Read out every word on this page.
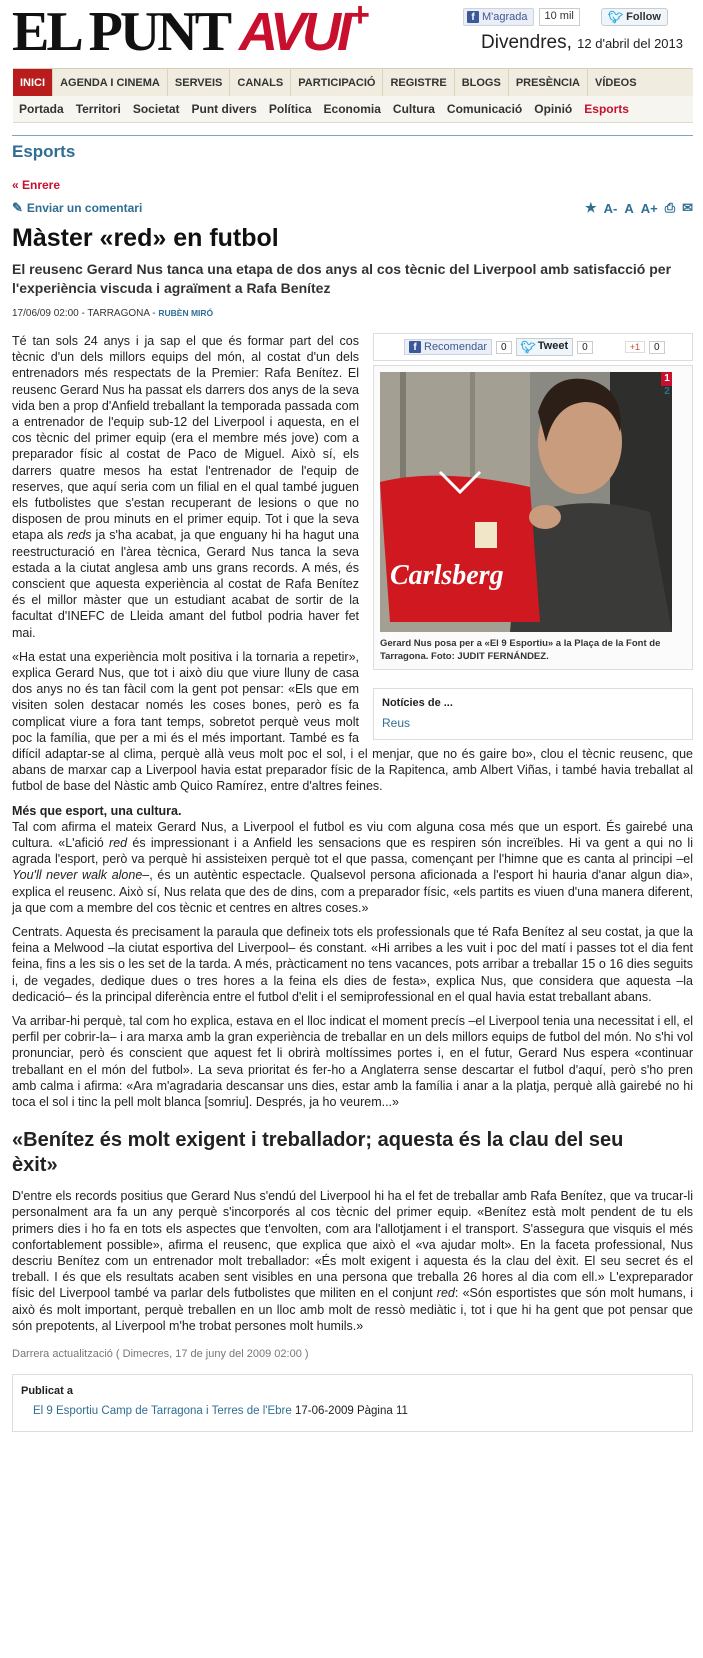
EL PUNT AVUI+	f M'agrada	10 mil	🐦︎ Follow
Divendres, 12 d'abril del 2013
INICI	AGENDA I CINEMA	SERVEIS	CANALS	PARTICIPACIÓ	REGISTRE	BLOGS	PRESÈNCIA	VÍDEOS
Portada	Territori	Societat	Punt divers	Política	Economia	Cultura	Comunicació	Opinió	Esports
Esports
« Enrere
✎ Enviar un comentari	★ A- A A+ ⎙ ✉
Màster «red» en futbol
El reusenc Gerard Nus tanca una etapa de dos anys al cos tècnic del Liverpool amb satisfacció per l'experiència viscuda i agraïment a Rafa Benítez
17/06/09 02:00 - TARRAGONA - RUBÈN MIRÓ
f Recomendar	0	🐦︎ Tweet	0	+1	0
Carlsberg
1
2
Gerard Nus posa per a «El 9 Esportiu» a la Plaça de la Font de Tarragona. Foto: JUDIT FERNÁNDEZ.
Notícies de ...
Reus

Té tan sols 24 anys i ja sap el que és formar part del cos tècnic d'un dels millors equips del món, al costat d'un dels entrenadors més respectats de la Premier: Rafa Benítez. El reusenc Gerard Nus ha passat els darrers dos anys de la seva vida ben a prop d'Anfield treballant la temporada passada com a entrenador de l'equip sub-12 del Liverpool i aquesta, en el cos tècnic del primer equip (era el membre més jove) com a preparador físic al costat de Paco de Miguel. Això sí, els darrers quatre mesos ha estat l'entrenador de l'equip de reserves, que aquí seria com un filial en el qual també juguen els futbolistes que s'estan recuperant de lesions o que no disposen de prou minuts en el primer equip. Tot i que la seva etapa als reds ja s'ha acabat, ja que enguany hi ha hagut una reestructuració en l'àrea tècnica, Gerard Nus tanca la seva estada a la ciutat anglesa amb uns grans records. A més, és conscient que aquesta experiència al costat de Rafa Benítez és el millor màster que un estudiant acabat de sortir de la facultat d'INEFC de Lleida amant del futbol podria haver fet mai.

«Ha estat una experiència molt positiva i la tornaria a repetir», explica Gerard Nus, que tot i això diu que viure lluny de casa dos anys no és tan fàcil com la gent pot pensar: «Els que em visiten solen destacar només les coses bones, però es fa complicat viure a fora tant temps, sobretot perquè veus molt poc la família, que per a mi és el més important. També es fa difícil adaptar-se al clima, perquè allà veus molt poc el sol, i el menjar, que no és gaire bo», clou el tècnic reusenc, que abans de marxar cap a Liverpool havia estat preparador físic de la Rapitenca, amb Albert Viñas, i també havia treballat al futbol de base del Nàstic amb Quico Ramírez, entre d'altres feines.

Més que esport, una cultura.

Tal com afirma el mateix Gerard Nus, a Liverpool el futbol es viu com alguna cosa més que un esport. És gairebé una cultura. «L'afició red és impressionant i a Anfield les sensacions que es respiren són increïbles. Hi va gent a qui no li agrada l'esport, però va perquè hi assisteixen perquè tot el que passa, començant per l'himne que es canta al principi –el You'll never walk alone–, és un autèntic espectacle. Qualsevol persona aficionada a l'esport hi hauria d'anar algun dia», explica el reusenc. Això sí, Nus relata que des de dins, com a preparador físic, «els partits es viuen d'una manera diferent, ja que com a membre del cos tècnic et centres en altres coses.»

Centrats. Aquesta és precisament la paraula que defineix tots els professionals que té Rafa Benítez al seu costat, ja que la feina a Melwood –la ciutat esportiva del Liverpool– és constant. «Hi arribes a les vuit i poc del matí i passes tot el dia fent feina, fins a les sis o les set de la tarda. A més, pràcticament no tens vacances, pots arribar a treballar 15 o 16 dies seguits i, de vegades, dedique dues o tres hores a la feina els dies de festa», explica Nus, que considera que aquesta –la dedicació– és la principal diferència entre el futbol d'elit i el semiprofessional en el qual havia estat treballant abans.

Va arribar-hi perquè, tal com ho explica, estava en el lloc indicat el moment precís –el Liverpool tenia una necessitat i ell, el perfil per cobrir-la– i ara marxa amb la gran experiència de treballar en un dels millors equips de futbol del món. No s'hi vol pronunciar, però és conscient que aquest fet li obrirà moltíssimes portes i, en el futur, Gerard Nus espera «continuar treballant en el món del futbol». La seva prioritat és fer-ho a Anglaterra sense descartar el futbol d'aquí, però s'ho pren amb calma i afirma: «Ara m'agradaria descansar uns dies, estar amb la família i anar a la platja, perquè allà gairebé no hi toca el sol i tinc la pell molt blanca [somriu]. Després, ja ho veurem...»

«Benítez és molt exigent i treballador; aquesta és la clau del seu èxit»

D'entre els records positius que Gerard Nus s'endú del Liverpool hi ha el fet de treballar amb Rafa Benítez, que va trucar-li personalment ara fa un any perquè s'incorporés al cos tècnic del primer equip. «Benítez està molt pendent de tu els primers dies i ho fa en tots els aspectes que t'envolten, com ara l'allotjament i el transport. S'assegura que visquis el més confortablement possible», afirma el reusenc, que explica que això el «va ajudar molt». En la faceta professional, Nus descriu Benítez com un entrenador molt treballador: «És molt exigent i aquesta és la clau del èxit. El seu secret és el treball. I és que els resultats acaben sent visibles en una persona que treballa 26 hores al dia com ell.» L'expreparador físic del Liverpool també va parlar dels futbolistes que militen en el conjunt red: «Són esportistes que són molt humans, i això és molt important, perquè treballen en un lloc amb molt de ressò mediàtic i, tot i que hi ha gent que pot pensar que són prepotents, al Liverpool m'he trobat persones molt humils.»

Darrera actualització ( Dimecres, 17 de juny del 2009 02:00 )
Publicat a
El 9 Esportiu Camp de Tarragona i Terres de l'Ebre 17-06-2009 Pàgina 11
